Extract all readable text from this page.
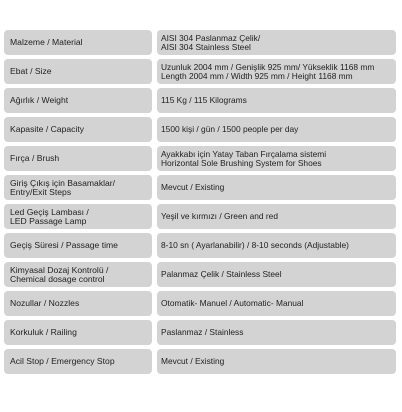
Malzeme / Material	AISI 304 Paslanmaz Çelik/
AISI 304 Stainless Steel
Ebat / Size	Uzunluk 2004 mm / Genişlik 925 mm/ Yükseklik 1168 mm
Length 2004 mm / Width 925 mm / Height 1168 mm
Ağırlık / Weight	115 Kg / 115 Kilograms
Kapasite / Capacity	1500 kişi / gün / 1500 people per day
Fırça / Brush	Ayakkabı için Yatay Taban Fırçalama sistemi
Horizontal Sole Brushing System for Shoes
Giriş Çıkış için Basamaklar/
Entry/Exit Steps	Mevcut / Existing
Led Geçiş Lambası /
LED Passage Lamp	Yeşil ve kırmızı / Green and red
Geçiş Süresi / Passage time	8-10 sn ( Ayarlanabilir) / 8-10 seconds (Adjustable)
Kimyasal Dozaj Kontrolü /
Chemical dosage control	Palanmaz Çelik / Stainless Steel
Nozullar / Nozzles	Otomatik- Manuel / Automatic- Manual
Korkuluk / Railing	Paslanmaz / Stainless
Acil Stop / Emergency Stop	Mevcut / Existing
